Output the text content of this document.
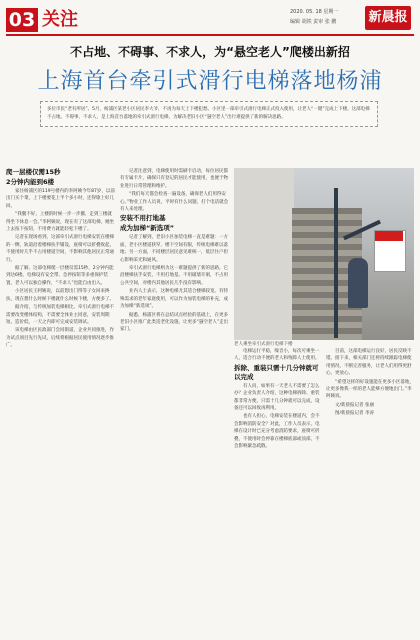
03 关注	2020. 05. 18 星期一
编辑 胡铁 责审 张 鹏 新晨报
不占地、不碍事、不求人，为“悬空老人”爬楼出新招
上海首台牵引式滑行电梯落地杨浦
多位市民“老有所居”。5月，杨浦区某老小区居民李大爷，不再为每天上下楼犯愁。小区里一部牵引式滑行电梯正式投入使用，让老人“一键”完成上下楼。这部电梯不占地、不碍事、不求人，是上海首台落地的牵引式滑行电梯，为解决老旧小区“悬空老人”出行难提供了新的解决思路。

爬一层楼仅需15秒

2分钟内能到6楼

家住杨浦区的119号楼内的李阿姨今年87岁，以前出门买个菜，上下楼要花上半个多小时，还得歇上好几回。

“我腿不好，上楼的时候一步一步挪，走到三楼就得坐下休息一会。”李阿姨说，现在有了这部电梯，她坐上去按下按钮，不用费力就能轻松下楼了。

记者在现场看到，这部牵引式滑行电梯安装在楼梯的一侧，轨道沿着楼梯扶手铺设，座椅可以折叠收起，不使用时几乎不占用楼道空间，不影响其他居民正常通行。

据了解，这部电梯爬一层楼仅需15秒，2分钟内能到达6楼。电梯设有安全带、急停按钮等多重保护装置，老人可以独自操作，“不求人”也能自由出入。

小区居民王阿姨说，以前想出门得等子女回来搀扶，现在想什么时候下楼就什么时候下楼，方便多了。

据介绍，与传统加装电梯相比，牵引式滑行电梯不需要改变楼体结构，不需要全体业主同意，安装周期短、造价低，一天之内即可完成安装调试。

该电梯由区民政部门会同街道、企业共同推进，作为试点项目先行先试，后续将根据居民使用情况逐步推广。

记者注意到，电梯使用时需刷卡启动，每位居民都有专属卡片，确保只有登记的居民才能使用，也便于物业进行日常管理和维护。

“我们每天都会检查一遍设备，确保老人们用得安心。”物业工作人员说，平时有什么问题，打个电话就会有人来处理。

安装不用打地基

成为加梯“新选项”

记者了解到，老旧小区加装电梯一直是难题：一方面，老小区楼道狭窄，楼下空间有限，传统电梯难以落地；另一方面，不同楼层居民意见难统一，低层住户担心影响采光和通风。

牵引式滑行电梯则为这一难题提供了新的思路。它沿楼梯扶手安装，不用打地基，不用破墙开洞，不占用公共空间，对楼内其他居民几乎没有影响。

业内人士表示，这种电梯尤其适合楼梯较宽、有特殊需求的老年家庭使用，可以作为加装电梯的补充，成为加梯“新选项”。

据悉，杨浦区将在总结试点经验的基础上，在更多老旧小区推广此类适老化设施，让更多“悬空老人”走出家门。

老人乘坐牵引式滑行电梯下楼

电梯运行平稳，噪音小，每次可乘坐一人，适合行动不便的老人和残障人士使用。

拆除、重装只需十几分钟就可以完成

有人问，如果有一天老人不需要了怎么办？企业负责人介绍，这种电梯拆除、重装都非常方便，只需十几分钟就可以完成，设备还可以回收再利用。

也有人担心，电梯安装在楼道内，会不会影响消防安全？对此，工作人员表示，电梯在设计时已充分考虑消防要求，座椅可折叠，不使用时会停靠在楼梯底部或顶部，不会影响紧急疏散。

目前，这部电梯运行良好，居民反映不错。接下来，相关部门还将持续跟踪电梯使用情况，不断完善服务，让老人们用得更舒心、更放心。

“希望这样的好设施能在更多小区落地，让更多像我一样的老人能够方便地出门。”李阿姨说。

文/新晨报记者 张丽

图/新晨报记者 李涛
